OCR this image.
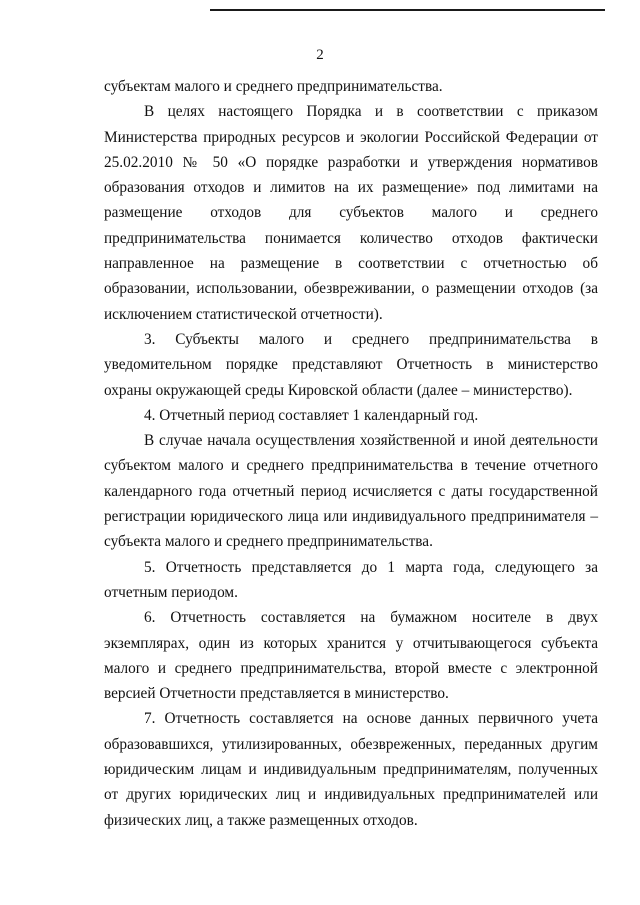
2

субъектам малого и среднего предпринимательства.

В целях настоящего Порядка и в соответствии с приказом Министерства природных ресурсов и экологии Российской Федерации от 25.02.2010 № 50 «О порядке разработки и утверждения нормативов образования отходов и лимитов на их размещение» под лимитами на размещение отходов для субъектов малого и среднего предпринимательства понимается количество отходов фактически направленное на размещение в соответствии с отчетностью об образовании, использовании, обезвреживании, о размещении отходов (за исключением статистической отчетности).

3. Субъекты малого и среднего предпринимательства в уведомительном порядке представляют Отчетность в министерство охраны окружающей среды Кировской области (далее – министерство).

4. Отчетный период составляет 1 календарный год.

В случае начала осуществления хозяйственной и иной деятельности субъектом малого и среднего предпринимательства в течение отчетного календарного года отчетный период исчисляется с даты государственной регистрации юридического лица или индивидуального предпринимателя – субъекта малого и среднего предпринимательства.

5. Отчетность представляется до 1 марта года, следующего за отчетным периодом.

6. Отчетность составляется на бумажном носителе в двух экземплярах, один из которых хранится у отчитывающегося субъекта малого и среднего предпринимательства, второй вместе с электронной версией Отчетности представляется в министерство.

7. Отчетность составляется на основе данных первичного учета образовавшихся, утилизированных, обезвреженных, переданных другим юридическим лицам и индивидуальным предпринимателям, полученных от других юридических лиц и индивидуальных предпринимателей или физических лиц, а также размещенных отходов.
